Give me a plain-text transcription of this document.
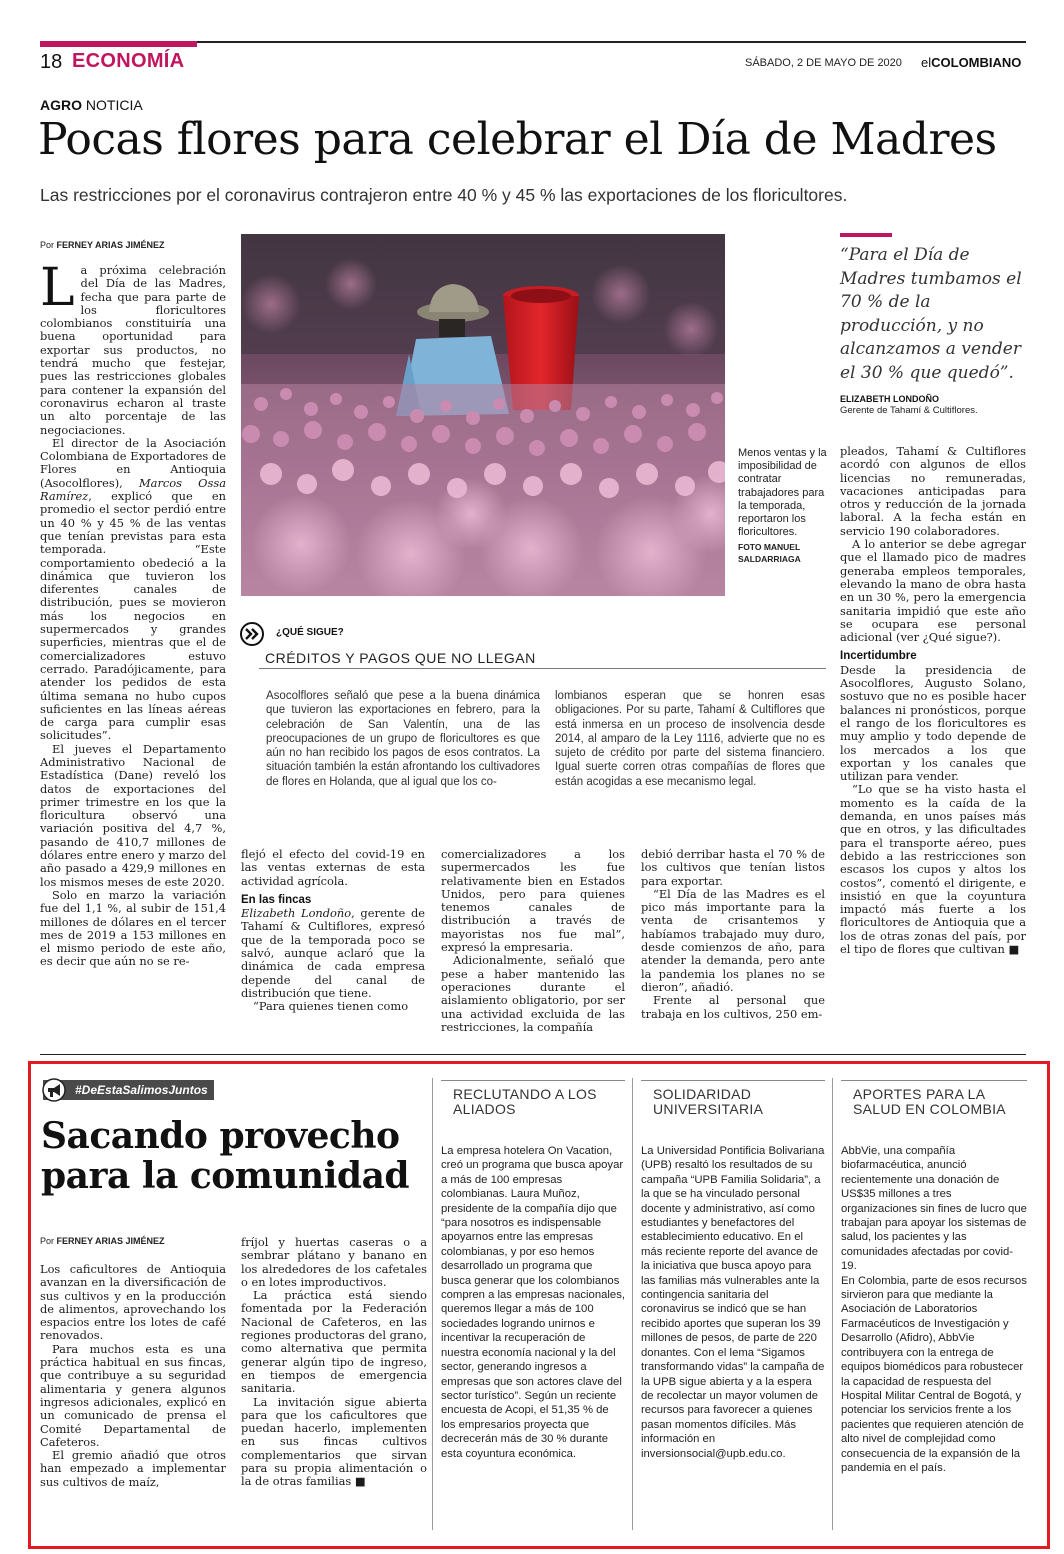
18 ECONOMÍA	SÁBADO, 2 DE MAYO DE 2020 elCOLOMBIANO
AGRO NOTICIA
Pocas flores para celebrar el Día de Madres
Las restricciones por el coronavirus contrajeron entre 40 % y 45 % las exportaciones de los floricultores.
Por FERNEY ARIAS JIMÉNEZ

La próxima celebración del Día de las Madres, fecha que para parte de los floricultores colombianos constituiría una buena oportunidad para exportar sus productos, no tendrá mucho que festejar, pues las restricciones globales para contener la expansión del coronavirus echaron al traste un alto porcentaje de las negociaciones.

El director de la Asociación Colombiana de Exportadores de Flores en Antioquia (Asocolflores), Marcos Ossa Ramírez, explicó que en promedio el sector perdió entre un 40 % y 45 % de las ventas que tenían previstas para esta temporada. “Este comportamiento obedeció a la dinámica que tuvieron los diferentes canales de distribución, pues se movieron más los negocios en supermercados y grandes superficies, mientras que el de comercializadores estuvo cerrado. Paradójicamente, para atender los pedidos de esta última semana no hubo cupos suficientes en las líneas aéreas de carga para cumplir esas solicitudes”.

El jueves el Departamento Administrativo Nacional de Estadística (Dane) reveló los datos de exportaciones del primer trimestre en los que la floricultura observó una variación positiva del 4,7 %, pasando de 410,7 millones de dólares entre enero y marzo del año pasado a 429,9 millones en los mismos meses de este 2020.

Solo en marzo la variación fue del 1,1 %, al subir de 151,4 millones de dólares en el tercer mes de 2019 a 153 millones en el mismo periodo de este año, es decir que aún no se re-

Menos ventas y la imposibilidad de contratar trabajadores para la temporada, reportaron los floricultores.
FOTO MANUEL SALDARRIAGA
“Para el Día de Madres tumbamos el 70 % de la producción, y no alcanzamos a vender el 30 % que quedó”.
ELIZABETH LONDOÑO
Gerente de Tahamí & Cultiflores.
¿QUÉ SIGUE?
CRÉDITOS Y PAGOS QUE NO LLEGAN
Asocolflores señaló que pese a la buena dinámica que tuvieron las exportaciones en febrero, para la celebración de San Valentín, una de las preocupaciones de un grupo de floricultores es que aún no han recibido los pagos de esos contratos. La situación también la están afrontando los cultivadores de flores en Holanda, que al igual que los co-
lombianos esperan que se honren esas obligaciones. Por su parte, Tahamí & Cultiflores que está inmersa en un proceso de insolvencia desde 2014, al amparo de la Ley 1116, advierte que no es sujeto de crédito por parte del sistema financiero. Igual suerte corren otras compañías de flores que están acogidas a ese mecanismo legal.

flejó el efecto del covid-19 en las ventas externas de esta actividad agrícola.

En las fincas

Elizabeth Londoño, gerente de Tahamí & Cultiflores, expresó que de la temporada poco se salvó, aunque aclaró que la dinámica de cada empresa depende del canal de distribución que tiene.

“Para quienes tienen como

comercializadores a los supermercados les fue relativamente bien en Estados Unidos, pero para quienes tenemos canales de distribución a través de mayoristas nos fue mal”, expresó la empresaria.

Adicionalmente, señaló que pese a haber mantenido las operaciones durante el aislamiento obligatorio, por ser una actividad excluida de las restricciones, la compañía

debió derribar hasta el 70 % de los cultivos que tenían listos para exportar.

“El Día de las Madres es el pico más importante para la venta de crisantemos y habíamos trabajado muy duro, desde comienzos de año, para atender la demanda, pero ante la pandemia los planes no se dieron”, añadió.

Frente al personal que trabaja en los cultivos, 250 em-

pleados, Tahamí & Cultiflores acordó con algunos de ellos licencias no remuneradas, vacaciones anticipadas para otros y reducción de la jornada laboral. A la fecha están en servicio 190 colaboradores.

A lo anterior se debe agregar que el llamado pico de madres generaba empleos temporales, elevando la mano de obra hasta en un 30 %, pero la emergencia sanitaria impidió que este año se ocupara ese personal adicional (ver ¿Qué sigue?).

Incertidumbre

Desde la presidencia de Asocolflores, Augusto Solano, sostuvo que no es posible hacer balances ni pronósticos, porque el rango de los floricultores es muy amplio y todo depende de los mercados a los que exportan y los canales que utilizan para vender.

“Lo que se ha visto hasta el momento es la caída de la demanda, en unos países más que en otros, y las dificultades para el transporte aéreo, pues debido a las restricciones son escasos los cupos y altos los costos”, comentó el dirigente, e insistió en que la coyuntura impactó más fuerte a los floricultores de Antioquia que a los de otras zonas del país, por el tipo de flores que cultivan ■

#DeEstaSalimosJuntos
Sacando provecho para la comunidad
Por FERNEY ARIAS JIMÉNEZ

Los caficultores de Antioquia avanzan en la diversificación de sus cultivos y en la producción de alimentos, aprovechando los espacios entre los lotes de café renovados.

Para muchos esta es una práctica habitual en sus fincas, que contribuye a su seguridad alimentaria y genera algunos ingresos adicionales, explicó en un comunicado de prensa el Comité Departamental de Cafeteros.

El gremio añadió que otros han empezado a implementar sus cultivos de maíz,

fríjol y huertas caseras o a sembrar plátano y banano en los alrededores de los cafetales o en lotes improductivos.

La práctica está siendo fomentada por la Federación Nacional de Cafeteros, en las regiones productoras del grano, como alternativa que permita generar algún tipo de ingreso, en tiempos de emergencia sanitaria.

La invitación sigue abierta para que los caficultores que puedan hacerlo, implementen en sus fincas cultivos complementarios que sirvan para su propia alimentación o la de otras familias ■

RECLUTANDO A LOS ALIADOS
La empresa hotelera On Vacation, creó un programa que busca apoyar a más de 100 empresas colombianas. Laura Muñoz, presidente de la compañía dijo que “para nosotros es indispensable apoyarnos entre las empresas colombianas, y por eso hemos desarrollado un programa que busca generar que los colombianos compren a las empresas nacionales, queremos llegar a más de 100 sociedades logrando unirnos e incentivar la recuperación de nuestra economía nacional y la del sector, generando ingresos a empresas que son actores clave del sector turístico”. Según un reciente encuesta de Acopi, el 51,35 % de los empresarios proyecta que decrecerán más de 30 % durante esta coyuntura económica.
SOLIDARIDAD UNIVERSITARIA
La Universidad Pontificia Bolivariana (UPB) resaltó los resultados de su campaña “UPB Familia Solidaria”, a la que se ha vinculado personal docente y administrativo, así como estudiantes y benefactores del establecimiento educativo. En el más reciente reporte del avance de la iniciativa que busca apoyo para las familias más vulnerables ante la contingencia sanitaria del coronavirus se indicó que se han recibido aportes que superan los 39 millones de pesos, de parte de 220 donantes. Con el lema “Sigamos transformando vidas” la campaña de la UPB sigue abierta y a la espera de recolectar un mayor volumen de recursos para favorecer a quienes pasan momentos difíciles. Más información en inversionsocial@upb.edu.co.
APORTES PARA LA SALUD EN COLOMBIA
AbbVie, una compañía biofarmacéutica, anunció recientemente una donación de US$35 millones a tres organizaciones sin fines de lucro que trabajan para apoyar los sistemas de salud, los pacientes y las comunidades afectadas por covid-19.
En Colombia, parte de esos recursos sirvieron para que mediante la Asociación de Laboratorios Farmacéuticos de Investigación y Desarrollo (Afidro), AbbVie contribuyera con la entrega de equipos biomédicos para robustecer la capacidad de respuesta del Hospital Militar Central de Bogotá, y potenciar los servicios frente a los pacientes que requieren atención de alto nivel de complejidad como consecuencia de la expansión de la pandemia en el país.
